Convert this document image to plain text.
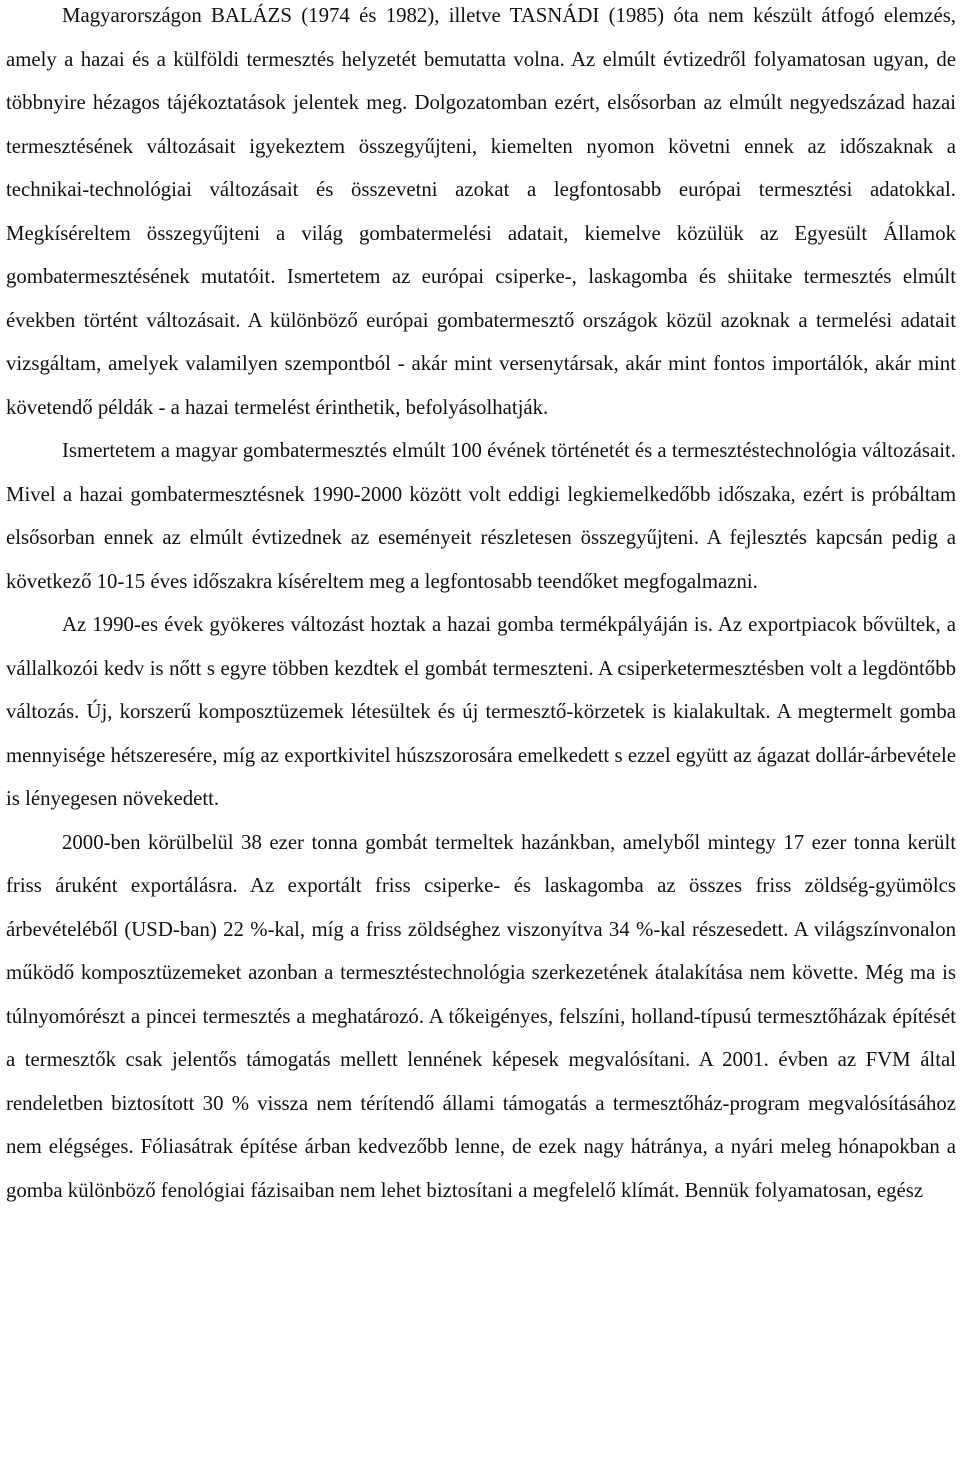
Magyarországon BALÁZS (1974 és 1982), illetve TASNÁDI (1985) óta nem készült átfogó elemzés, amely a hazai és a külföldi termesztés helyzetét bemutatta volna. Az elmúlt évtizedről folyamatosan ugyan, de többnyire hézagos tájékoztatások jelentek meg. Dolgozatomban ezért, elsősorban az elmúlt negyedszázad hazai termesztésének változásait igyekeztem összegyűjteni, kiemelten nyomon követni ennek az időszaknak a technikai-technológiai változásait és összevetni azokat a legfontosabb európai termesztési adatokkal. Megkíséreltem összegyűjteni a világ gombatermelési adatait, kiemelve közülük az Egyesült Államok gombatermesztésének mutatóit. Ismertetem az európai csiperke-, laskagomba és shiitake termesztés elmúlt években történt változásait. A különböző európai gombatermesztő országok közül azoknak a termelési adatait vizsgáltam, amelyek valamilyen szempontból - akár mint versenytársak, akár mint fontos importálók, akár mint követendő példák - a hazai termelést érinthetik, befolyásolhatják.

Ismertetem a magyar gombatermesztés elmúlt 100 évének történetét és a termesztéstechnológia változásait. Mivel a hazai gombatermesztésnek 1990-2000 között volt eddigi legkiemelkedőbb időszaka, ezért is próbáltam elsősorban ennek az elmúlt évtizednek az eseményeit részletesen összegyűjteni. A fejlesztés kapcsán pedig a következő 10-15 éves időszakra kíséreltem meg a legfontosabb teendőket megfogalmazni.

Az 1990-es évek gyökeres változást hoztak a hazai gomba termékpályáján is. Az exportpiacok bővültek, a vállalkozói kedv is nőtt s egyre többen kezdtek el gombát termeszteni. A csiperketermesztésben volt a legdöntőbb változás. Új, korszerű komposztüzemek létesültek és új termesztő-körzetek is kialakultak. A megtermelt gomba mennyisége hétszeresére, míg az exportkivitel húszszorosára emelkedett s ezzel együtt az ágazat dollár-árbevétele is lényegesen növekedett.

2000-ben körülbelül 38 ezer tonna gombát termeltek hazánkban, amelyből mintegy 17 ezer tonna került friss áruként exportálásra. Az exportált friss csiperke- és laskagomba az összes friss zöldség-gyümölcs árbevételéből (USD-ban) 22 %-kal, míg a friss zöldséghez viszonyítva 34 %-kal részesedett. A világszínvonalon működő komposztüzemeket azonban a termesztéstechnológia szerkezetének átalakítása nem követte. Még ma is túlnyomórészt a pincei termesztés a meghatározó. A tőkeigényes, felszíni, holland-típusú termesztőházak építését a termesztők csak jelentős támogatás mellett lennének képesek megvalósítani. A 2001. évben az FVM által rendeletben biztosított 30 % vissza nem térítendő állami támogatás a termesztőház-program megvalósításához nem elégséges. Fóliasátrak építése árban kedvezőbb lenne, de ezek nagy hátránya, a nyári meleg hónapokban a gomba különböző fenológiai fázisaiban nem lehet biztosítani a megfelelő klímát. Bennük folyamatosan, egész
